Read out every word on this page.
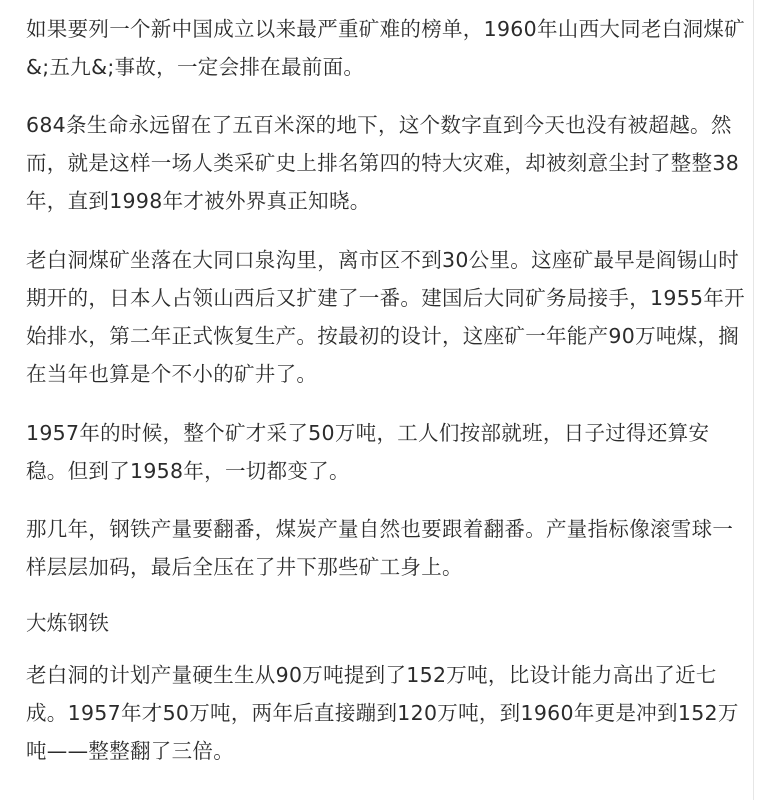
如果要列一个新中国成立以来最严重矿难的榜单，1960年山西大同老白洞煤矿&;五九&;事故，一定会排在最前面。

684条生命永远留在了五百米深的地下，这个数字直到今天也没有被超越。然而，就是这样一场人类采矿史上排名第四的特大灾难，却被刻意尘封了整整38年，直到1998年才被外界真正知晓。

老白洞煤矿坐落在大同口泉沟里，离市区不到30公里。这座矿最早是阎锡山时期开的，日本人占领山西后又扩建了一番。建国后大同矿务局接手，1955年开始排水，第二年正式恢复生产。按最初的设计，这座矿一年能产90万吨煤，搁在当年也算是个不小的矿井了。

1957年的时候，整个矿才采了50万吨，工人们按部就班，日子过得还算安稳。但到了1958年，一切都变了。

那几年，钢铁产量要翻番，煤炭产量自然也要跟着翻番。产量指标像滚雪球一样层层加码，最后全压在了井下那些矿工身上。

大炼钢铁

老白洞的计划产量硬生生从90万吨提到了152万吨，比设计能力高出了近七成。1957年才50万吨，两年后直接蹦到120万吨，到1960年更是冲到152万吨——整整翻了三倍。
